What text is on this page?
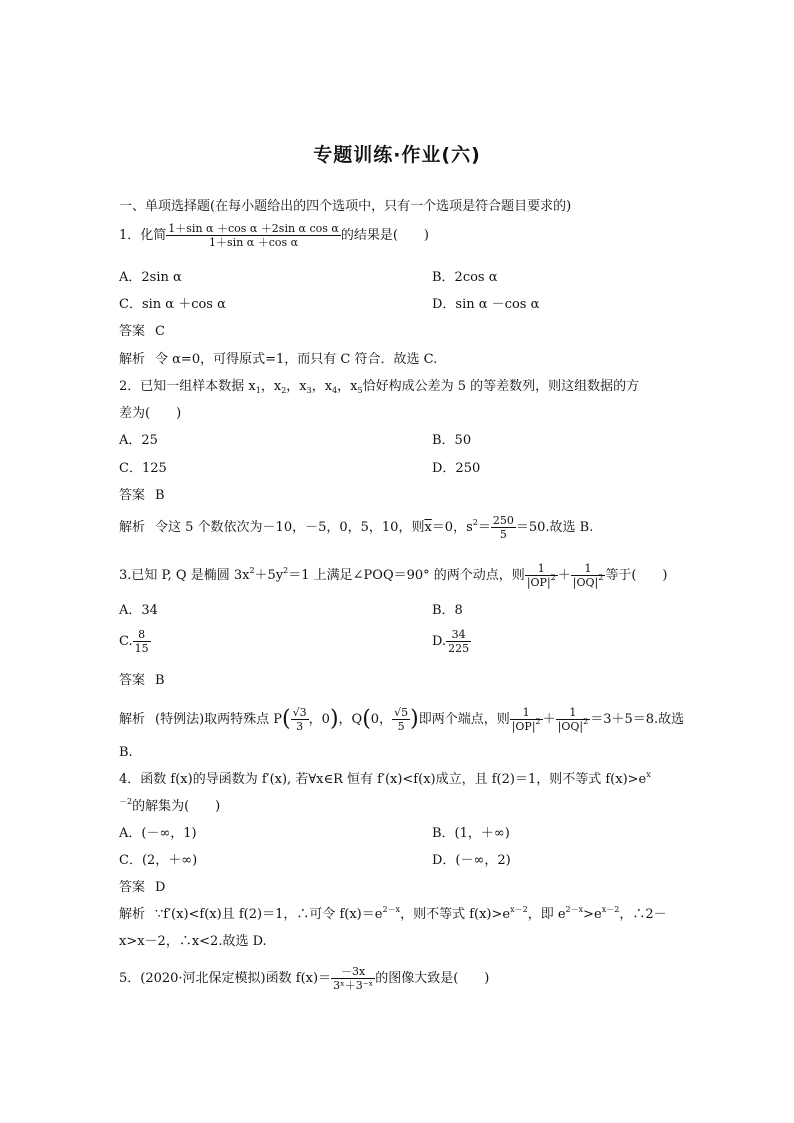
专题训练·作业(六)
一、单项选择题(在每小题给出的四个选项中，只有一个选项是符合题目要求的)
1．化简 $\frac{\text{1＋sin α ＋cos α ＋2sin α cos α}}{\text{1＋sin α ＋cos α}}$ 的结果是(　　)
A．2sin α	B．2cos α
C．sin α ＋cos α	D．sin α －cos α
答案 C
解析 令 α=0，可得原式=1，而只有 C 符合．故选 C.
2．已知一组样本数据 $x_1$，$x_2$，$x_3$，$x_4$，$x_5$恰好构成公差为 5 的等差数列，则这组数据的方
差为(　　)
A．25	B．50
C．125	D．250
答案 B
解析 令这 5 个数依次为－10，－5，0，5，10，则$\overline{x}=0$，$s^2= \frac{250}{5} =50$.故选 B.
3.已知 P, Q 是椭圆 $3x^2+5y^2=1$ 上满足∠POQ＝90° 的两个动点，则 $\frac{1}{|OP|^2} + \frac{1}{|OQ|^2}$ 等于(　　)
A．34	B．8
C. $\frac{8}{15}$	D. $\frac{34}{225}$
答案 B
解析 (特例法)取两特殊点 $P( \frac{√3}{3}$ ，0)，Q(0， $\frac{√5}{5}$ )即两个端点，则 $\frac{1}{|OP|^2} + \frac{1}{|OQ|^2} =3+5=8$.故选
B.
4．函数 f(x)的导函数为 f′(x), 若∀x∈R 恒有 f′(x)<f(x)成立，且 f(2)＝1，则不等式 $f(x)>e^x$
$^{-2}$的解集为(　　)
A．(－∞，1)	B．(1，＋∞)
C．(2，＋∞)	D．(－∞，2)
答案 D
解析 ∵f′(x)<f(x)且 f(2)＝1，∴可令 $f(x)=e^{2-x}$，则不等式 $f(x)>e^{x-2}$，即 $e^{2-x}>e^{x-2}$，∴2－
x>x－2，∴x<2.故选 D.
5．(2020·河北保定模拟)函数 $f(x)= \frac{-3x}{\text{3ˣ＋3⁻ˣ}}$ 的图像大致是(　　)
